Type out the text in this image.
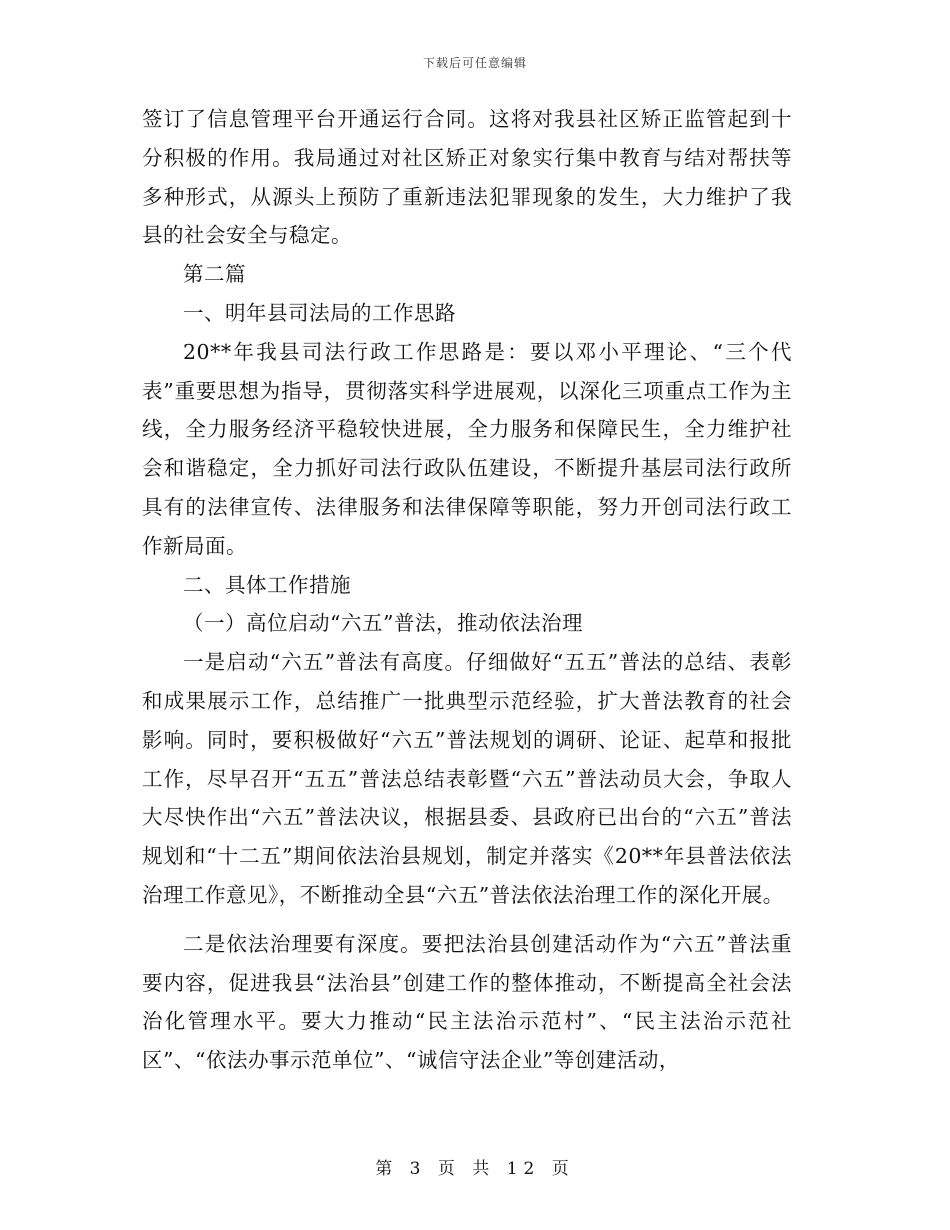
下载后可任意编辑

签订了信息管理平台开通运行合同。这将对我县社区矫正监管起到十分积极的作用。我局通过对社区矫正对象实行集中教育与结对帮扶等多种形式，从源头上预防了重新违法犯罪现象的发生，大力维护了我县的社会安全与稳定。

第二篇

一、明年县司法局的工作思路

20**年我县司法行政工作思路是：要以邓小平理论、“三个代表”重要思想为指导，贯彻落实科学进展观，以深化三项重点工作为主线，全力服务经济平稳较快进展，全力服务和保障民生，全力维护社会和谐稳定，全力抓好司法行政队伍建设，不断提升基层司法行政所具有的法律宣传、法律服务和法律保障等职能，努力开创司法行政工作新局面。

二、具体工作措施

（一）高位启动“六五”普法，推动依法治理

一是启动“六五”普法有高度。仔细做好“五五”普法的总结、表彰和成果展示工作，总结推广一批典型示范经验，扩大普法教育的社会影响。同时，要积极做好“六五”普法规划的调研、论证、起草和报批工作，尽早召开“五五”普法总结表彰暨“六五”普法动员大会，争取人大尽快作出“六五”普法决议，根据县委、县政府已出台的“六五”普法规划和“十二五”期间依法治县规划，制定并落实《20**年县普法依法治理工作意见》，不断推动全县“六五”普法依法治理工作的深化开展。

二是依法治理要有深度。要把法治县创建活动作为“六五”普法重要内容，促进我县“法治县”创建工作的整体推动，不断提高全社会法治化管理水平。要大力推动“民主法治示范村”、“民主法治示范社区”、“依法办事示范单位”、“诚信守法企业”等创建活动，

第 3 页 共 12 页
